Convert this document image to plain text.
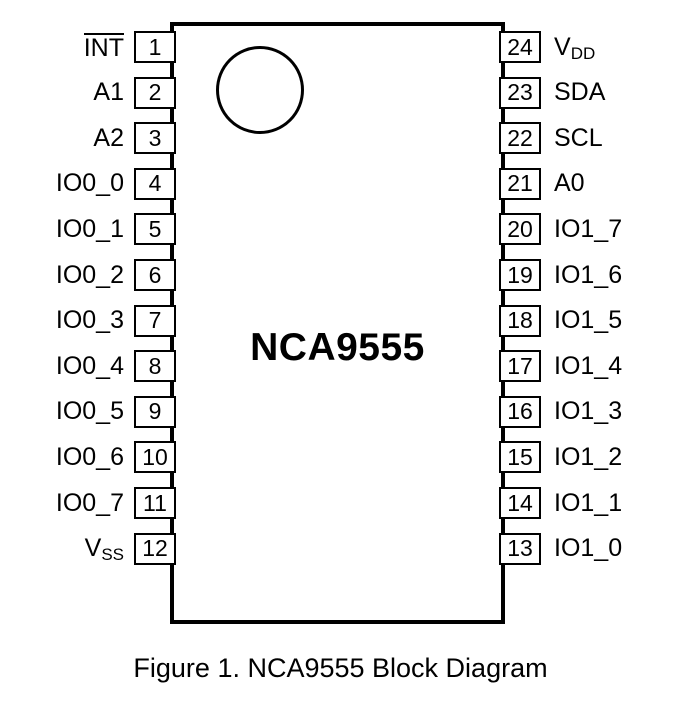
NCA9555
INT	1
A1	2
A2	3
IO0_0	4
IO0_1	5
IO0_2	6
IO0_3	7
IO0_4	8
IO0_5	9
IO0_6 10
IO0_7 11
VSS 12
24 VDD
23 SDA
22 SCL
21 A0
20 IO1_7
19 IO1_6
18 IO1_5
17 IO1_4
16 IO1_3
15 IO1_2
14 IO1_1
13 IO1_0
Figure 1. NCA9555 Block Diagram
